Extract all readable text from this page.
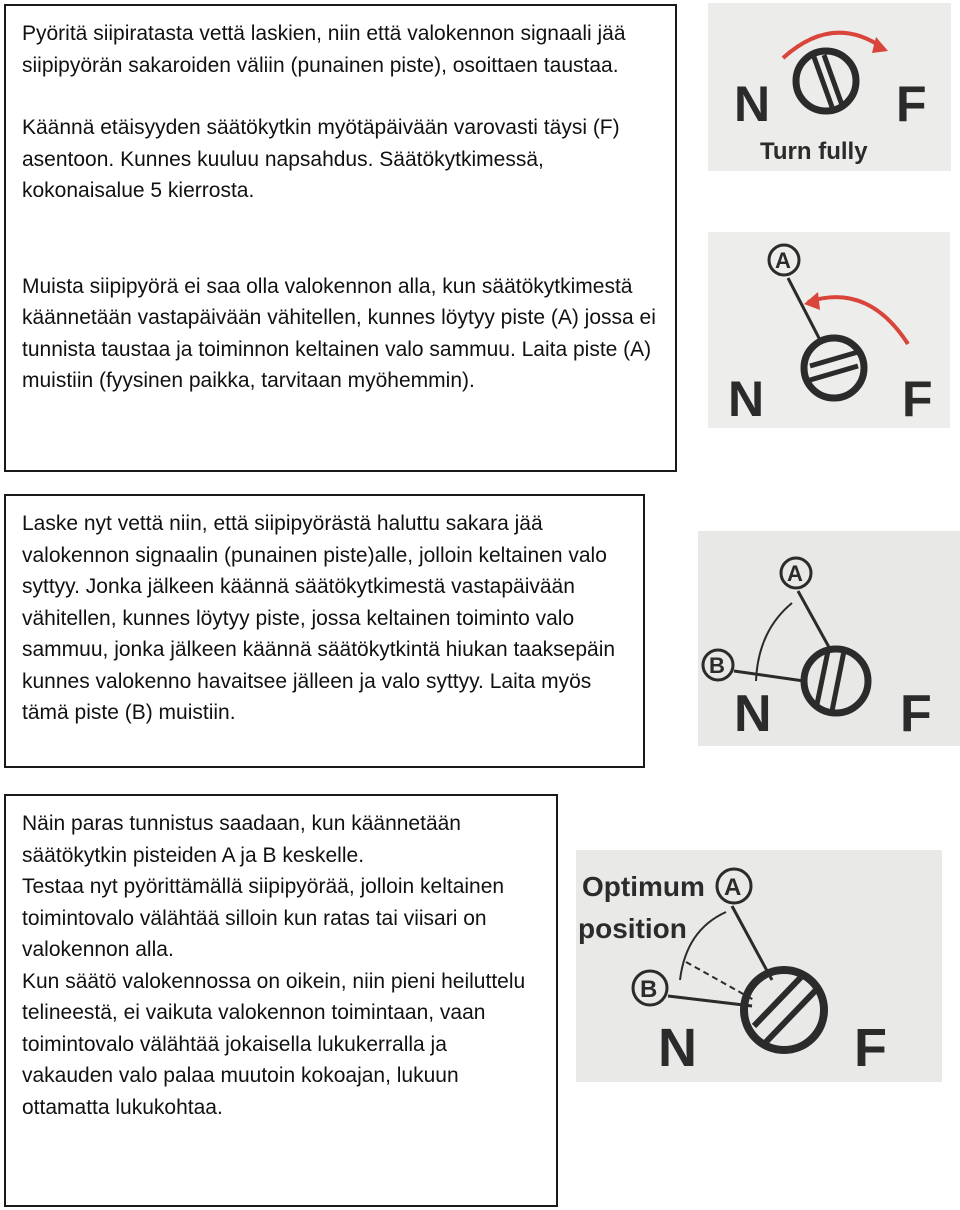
Pyöritä siipiratasta vettä laskien, niin että valokennon signaali jää siipipyörän sakaroiden väliin (punainen piste), osoittaen taustaa.

Käännä etäisyyden säätökytkin myötäpäivään varovasti täysi (F) asentoon. Kunnes kuuluu napsahdus. Säätökytkimessä, kokonaisalue 5 kierrosta.

Muista siipipyörä ei saa olla valokennon alla, kun säätökytkimestä käännetään vastapäivään vähitellen, kunnes löytyy piste (A) jossa ei tunnista taustaa ja toiminnon keltainen valo sammuu. Laita piste (A) muistiin (fyysinen paikka, tarvitaan myöhemmin).

Laske nyt vettä niin, että siipipyörästä haluttu sakara jää valokennon signaalin (punainen piste)alle, jolloin keltainen valo syttyy. Jonka jälkeen käännä säätökytkimestä vastapäivään vähitellen, kunnes löytyy piste, jossa keltainen toiminto valo sammuu, jonka jälkeen käännä säätökytkintä hiukan taaksepäin kunnes valokenno havaitsee jälleen ja valo syttyy. Laita myös tämä piste (B) muistiin.

Näin paras tunnistus saadaan, kun käännetään säätökytkin pisteiden A ja B keskelle.

Testaa nyt pyörittämällä siipipyörää, jolloin keltainen toimintovalo välähtää silloin kun ratas tai viisari on valokennon alla.

Kun säätö valokennossa on oikein, niin pieni heiluttelu telineestä, ei vaikuta valokennon toimintaan, vaan toimintovalo välähtää jokaisella lukukerralla ja vakauden valo palaa muutoin kokoajan, lukuun ottamatta lukukohtaa.

N	F
Turn fully
A
N	F
A
B
N F
Optimum
position
A
B
N	F
